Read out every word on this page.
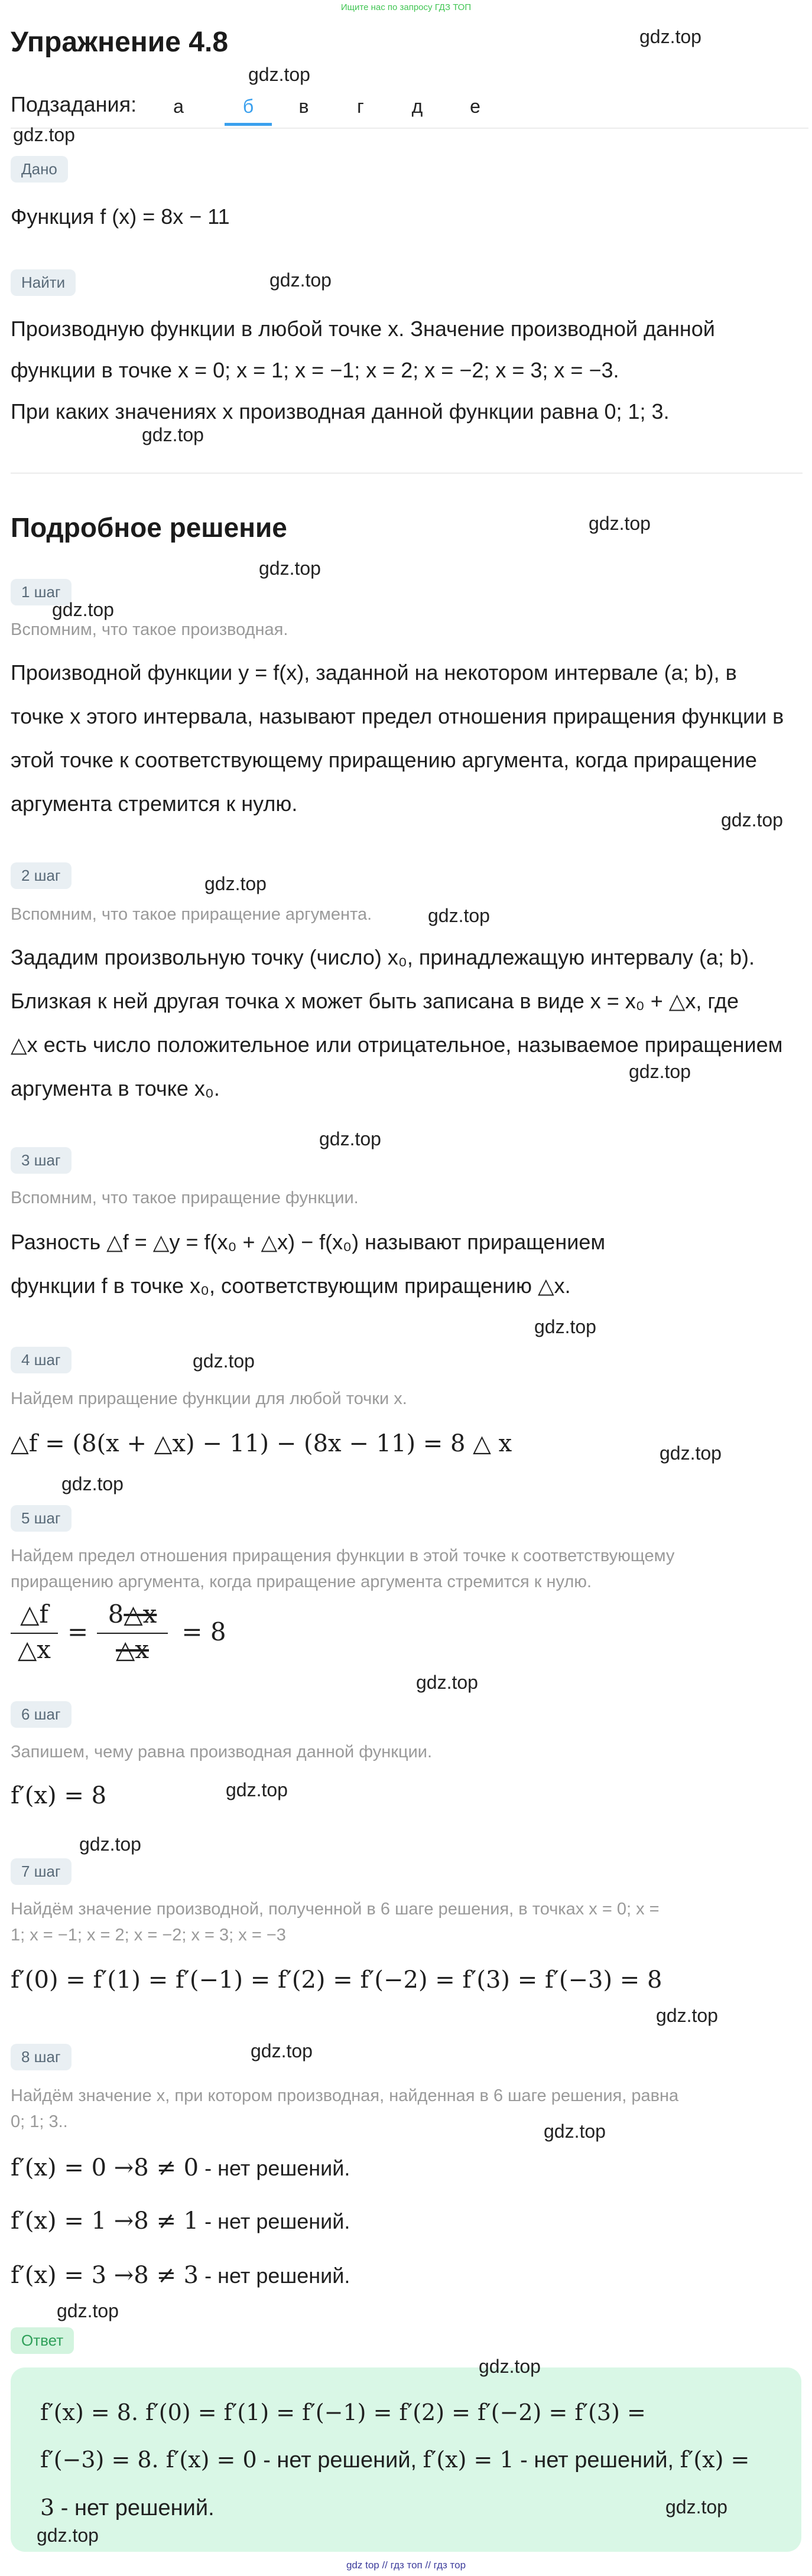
Ищите нас по запросу ГДЗ ТОП
Упражнение 4.8
Подзадания:	а	б	в	г	д	е
Дано
Функция f (x) = 8x − 11
Найти
Производную функции в любой точке x. Значение производной данной
функции в точке x = 0; x = 1; x = −1; x = 2; x = −2; x = 3; x = −3.
При каких значениях x производная данной функции равна 0; 1; 3.
Подробное решение
1 шаг
Вспомним, что такое производная.
Производной функции y = f(x), заданной на некотором интервале (a; b), в
точке x этого интервала, называют предел отношения приращения функции в
этой точке к соответствующему приращению аргумента, когда приращение
аргумента стремится к нулю.
2 шаг
Вспомним, что такое приращение аргумента.
Зададим произвольную точку (число) x₀, принадлежащую интервалу (a; b).
Близкая к ней другая точка x может быть записана в виде x = x₀ + △x, где
△x есть число положительное или отрицательное, называемое приращением
аргумента в точке x₀.
3 шаг
Вспомним, что такое приращение функции.
Разность △f = △y = f(x₀ + △x) − f(x₀) называют приращением
функции f в точке x₀, соответствующим приращению △x.
4 шаг
Найдем приращение функции для любой точки x.
△f = (8(x + △x) − 11) − (8x − 11) = 8 △ x
5 шаг
Найдем предел отношения приращения функции в этой точке к соответствующему
приращению аргумента, когда приращение аргумента стремится к нулю.
△f
△x
=
8△x
△x
= 8
6 шаг
Запишем, чему равна производная данной функции.
f′(x) = 8
7 шаг
Найдём значение производной, полученной в 6 шаге решения, в точках x = 0; x =
1; x = −1; x = 2; x = −2; x = 3; x = −3
f′(0) = f′(1) = f′(−1) = f′(2) = f′(−2) = f′(3) = f′(−3) = 8
8 шаг
Найдём значение x, при котором производная, найденная в 6 шаге решения, равна
0; 1; 3..
f′(x) = 0 →8 ≠ 0 - нет решений.
f′(x) = 1 →8 ≠ 1 - нет решений.
f′(x) = 3 →8 ≠ 3 - нет решений.
Ответ
f′(x) = 8. f′(0) = f′(1) = f′(−1) = f′(2) = f′(−2) = f′(3) =
f′(−3) = 8. f′(x) = 0 - нет решений, f′(x) = 1 - нет решений, f′(x) =
3 - нет решений.
gdz.top
gdz.top
gdz.top
gdz.top
gdz.top
gdz.top
gdz.top
gdz.top
gdz.top
gdz.top
gdz.top
gdz.top
gdz.top
gdz.top
gdz.top
gdz.top
gdz.top
gdz.top
gdz.top
gdz.top
gdz.top
gdz.top
gdz.top
gdz.top
gdz.top
gdz.top
gdz.top
gdz top // гдз топ // гдз тор
